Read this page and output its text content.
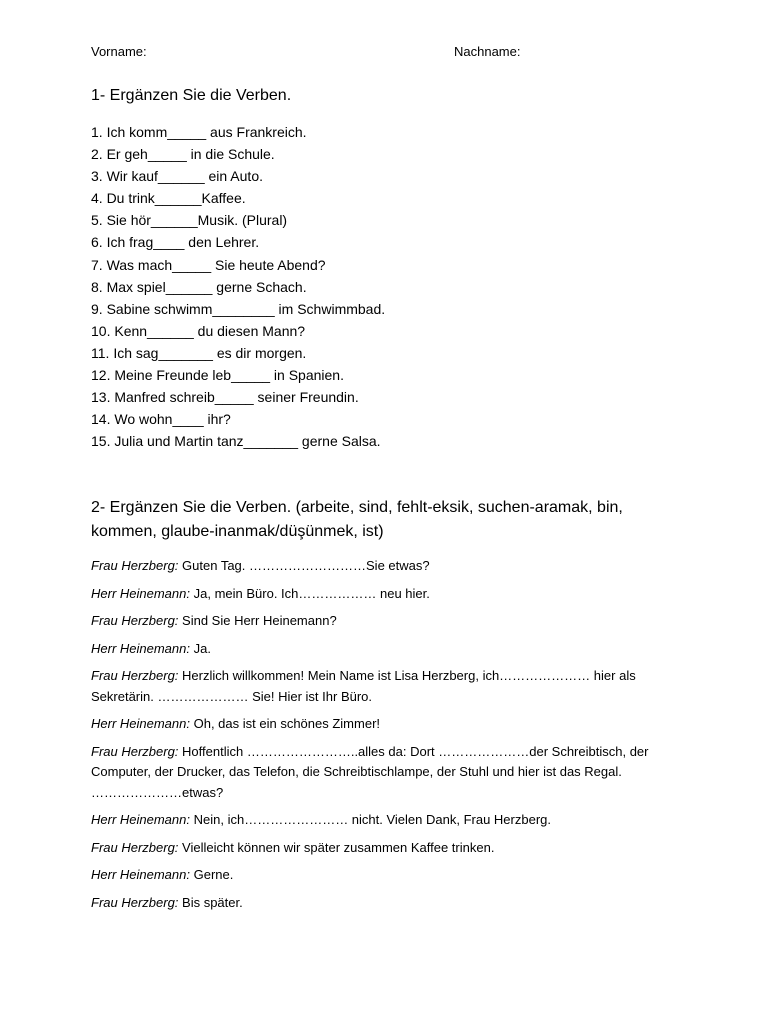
Vorname:	Nachname:
1- Ergänzen Sie die Verben.
1. Ich komm_____ aus Frankreich.
2. Er geh_____ in die Schule.
3. Wir kauf______ ein Auto.
4. Du trink______Kaffee.
5. Sie hör______Musik. (Plural)
6. Ich frag____ den Lehrer.
7. Was mach_____ Sie heute Abend?
8. Max spiel______ gerne Schach.
9. Sabine schwimm________ im Schwimmbad.
10. Kenn______ du diesen Mann?
11. Ich sag_______ es dir morgen.
12. Meine Freunde leb_____ in Spanien.
13. Manfred schreib_____ seiner Freundin.
14. Wo wohn____ ihr?
15. Julia und Martin tanz_______ gerne Salsa.
2- Ergänzen Sie die Verben. (arbeite, sind, fehlt-eksik, suchen-aramak, bin, kommen, glaube-inanmak/düşünmek, ist)

Frau Herzberg: Guten Tag. ………………………Sie etwas?

Herr Heinemann: Ja, mein Büro. Ich……………… neu hier.

Frau Herzberg: Sind Sie Herr Heinemann?

Herr Heinemann: Ja.

Frau Herzberg: Herzlich willkommen! Mein Name ist Lisa Herzberg, ich………………… hier als Sekretärin. ………………… Sie! Hier ist Ihr Büro.

Herr Heinemann: Oh, das ist ein schönes Zimmer!

Frau Herzberg: Hoffentlich ……………………..alles da: Dort …………………der Schreibtisch, der Computer, der Drucker, das Telefon, die Schreibtischlampe, der Stuhl und hier ist das Regal. …………………etwas?

Herr Heinemann: Nein, ich…………………… nicht. Vielen Dank, Frau Herzberg.

Frau Herzberg: Vielleicht können wir später zusammen Kaffee trinken.

Herr Heinemann: Gerne.

Frau Herzberg: Bis später.
